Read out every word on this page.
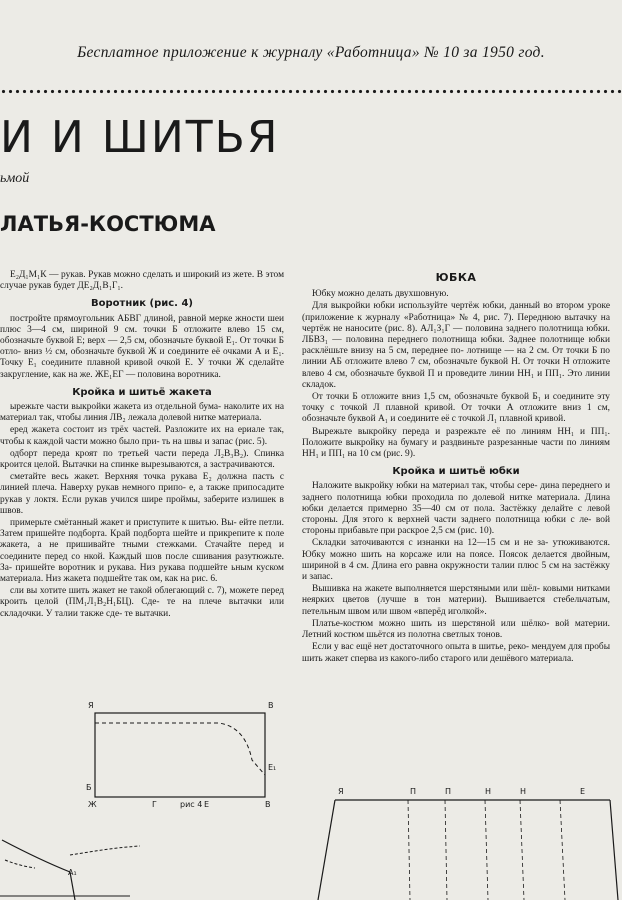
Бесплатное приложение к журналу «Работница» № 10 за 1950 год.
И И ШИТЬЯ
ьмой
ЛАТЬЯ-КОСТЮМА

Е₂Д₁М₁К — рукав. Рукав можно сделать и широкий из жете. В этом случае рукав будет ДЕ₂Д₁В₁Г₁.

Воротник (рис. 4)

постройте прямоугольник АБВГ длиной, равной мерке жности шеи плюс 3—4 см, шириной 9 см. точки Б отложите влево 15 см, обозначьте буквой Е; верх — 2,5 см, обозначьте буквой Е₁. От точки Б отло- вниз ½ см, обозначьте буквой Ж и соедините её очками А и Е₁. Точку Е₁ соедините плавной кривой очкой Е. У точки Ж сделайте закругление, как на же. ЖЕ₁ЕГ — половина воротника.

Кройка и шитьё жакета

ырежьте части выкройки жакета из отдельной бума- наколите их на материал так, чтобы линия ЛВ₂ лежала долевой нитке материала.

еред жакета состоит из трёх частей. Разложите их на ериале так, чтобы к каждой части можно было при- ть на швы и запас (рис. 5).

одборт переда кроят по третьей части переда Л₂В₃В₂). Спинка кроится целой. Вытачки на спинке вырезываются, а застрачиваются.

сметайте весь жакет. Верхняя точка рукава Е₂ должна пасть с линией плеча. Наверху рукав немного припо- е, а также припосадите рукав у локтя. Если рукав учился шире проймы, заберите излишек в швов.

примерьте смётанный жакет и приступите к шитью. Вы- ейте петли. Затем пришейте подборта. Край подборта шейте и прикрепите к поле жакета, а не пришивайте тными стежками. Стачайте перед и соедините перед со нкой. Каждый шов после сшивания разутюжьте. За- пришейте воротник и рукава. Низ рукава подшейте ьным куском материала. Низ жакета подшейте так ом, как на рис. 6.

сли вы хотите шить жакет не такой облегающий с. 7), можете перед кроить целой (ПМ₁Л₁В₂Н₁БЦ). Сде- те на плече вытачки или складочки. У талии также сде- те вытачки.

ЮБКА

Юбку можно делать двухшовную.

Для выкройки юбки используйте чертёж юбки, данный во втором уроке (приложение к журналу «Работница» № 4, рис. 7). Переднюю вытачку на чертёж не наносите (рис. 8). АЛ₁З₁Г — половина заднего полотнища юбки. ЛБВЗ₁ — половина переднего полотнища юбки. Заднее полотнище юбки расклёшьте внизу на 5 см, переднее по- лотнище — на 2 см. От точки Б по линии АБ отложите влево 7 см, обозначьте буквой Н. От точки Н отложите влево 4 см, обозначьте буквой П и проведите линии НН₁ и ПП₁. Это линии складок.

От точки Б отложите вниз 1,5 см, обозначьте буквой Б₁ и соедините эту точку с точкой Л плавной кривой. От точки А отложите вниз 1 см, обозначьте буквой А₁ и соедините её с точкой Л₁ плавной кривой.

Вырежьте выкройку переда и разрежьте её по линиям НН₁ и ПП₁. Положите выкройку на бумагу и раздвиньте разрезанные части по линиям НН₁ и ПП₁ на 10 см (рис. 9).

Кройка и шитьё юбки

Наложите выкройку юбки на материал так, чтобы сере- дина переднего и заднего полотнища юбки проходила по долевой нитке материала. Длина юбки делается примерно 35—40 см от пола. Застёжку делайте с левой стороны. Для этого к верхней части заднего полотнища юбки с ле- вой стороны прибавьте при раскрое 2,5 см (рис. 10).

Складки заточиваются с изнанки на 12—15 см и не за- утюживаются. Юбку можно шить на корсаже или на поясе. Поясок делается двойным, шириной в 4 см. Длина его равна окружности талии плюс 5 см на застёжку и запас.

Вышивка на жакете выполняется шерстяными или шёл- ковыми нитками неярких цветов (лучше в тон материи). Вышивается стебельчатым, петельным швом или швом «вперёд иголкой».

Платье-костюм можно шить из шерстяной или шёлко- вой материи. Летний костюм шьётся из полотна светлых тонов.

Если у вас ещё нет достаточного опыта в шитье, реко- мендуем для пробы шить жакет сперва из какого-либо старого или дешёвого материала.

Я	В
Б
Е₁
Ж	Г	Е
рис 4	В
А₁
Я	П	П	Н	Н	Е
